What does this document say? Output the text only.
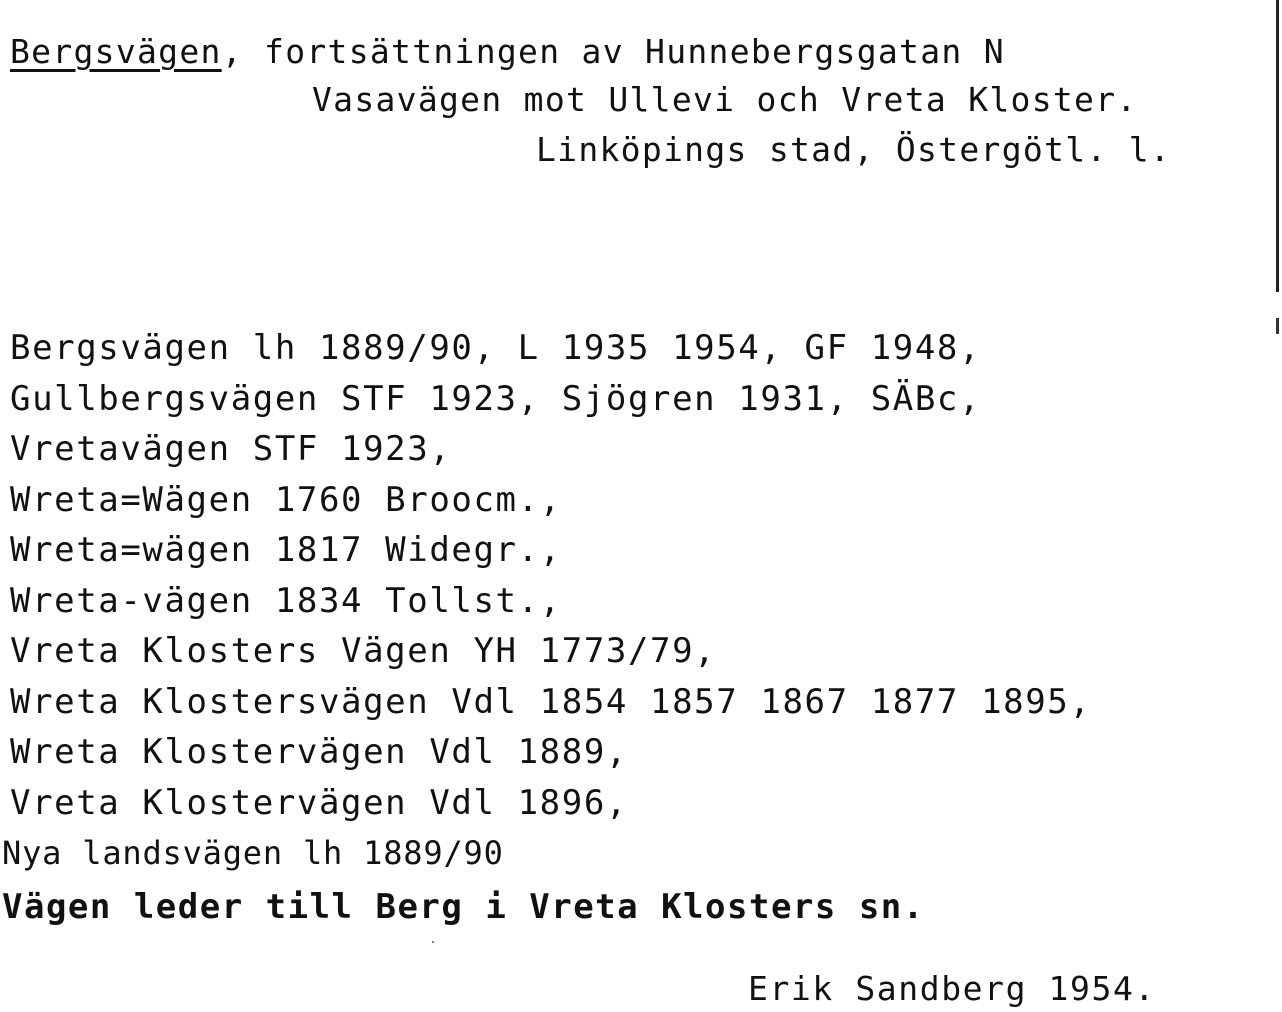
Bergsvägen, fortsättningen av Hunnebergsgatan N
Vasavägen mot Ullevi och Vreta Kloster.
Linköpings stad, Östergötl. l.
Bergsvägen lh 1889/90, L 1935 1954, GF 1948,
Gullbergsvägen STF 1923, Sjögren 1931, SÄBc,
Vretavägen STF 1923,
Wreta=Wägen 1760 Broocm.,
Wreta=wägen 1817 Widegr.,
Wreta-vägen 1834 Tollst.,
Vreta Klosters Vägen YH 1773/79,
Wreta Klostersvägen Vdl 1854 1857 1867 1877 1895,
Wreta Klostervägen Vdl 1889,
Vreta Klostervägen Vdl 1896,
Nya landsvägen lh 1889/90
Vägen leder till Berg i Vreta Klosters sn.
Erik Sandberg 1954.
